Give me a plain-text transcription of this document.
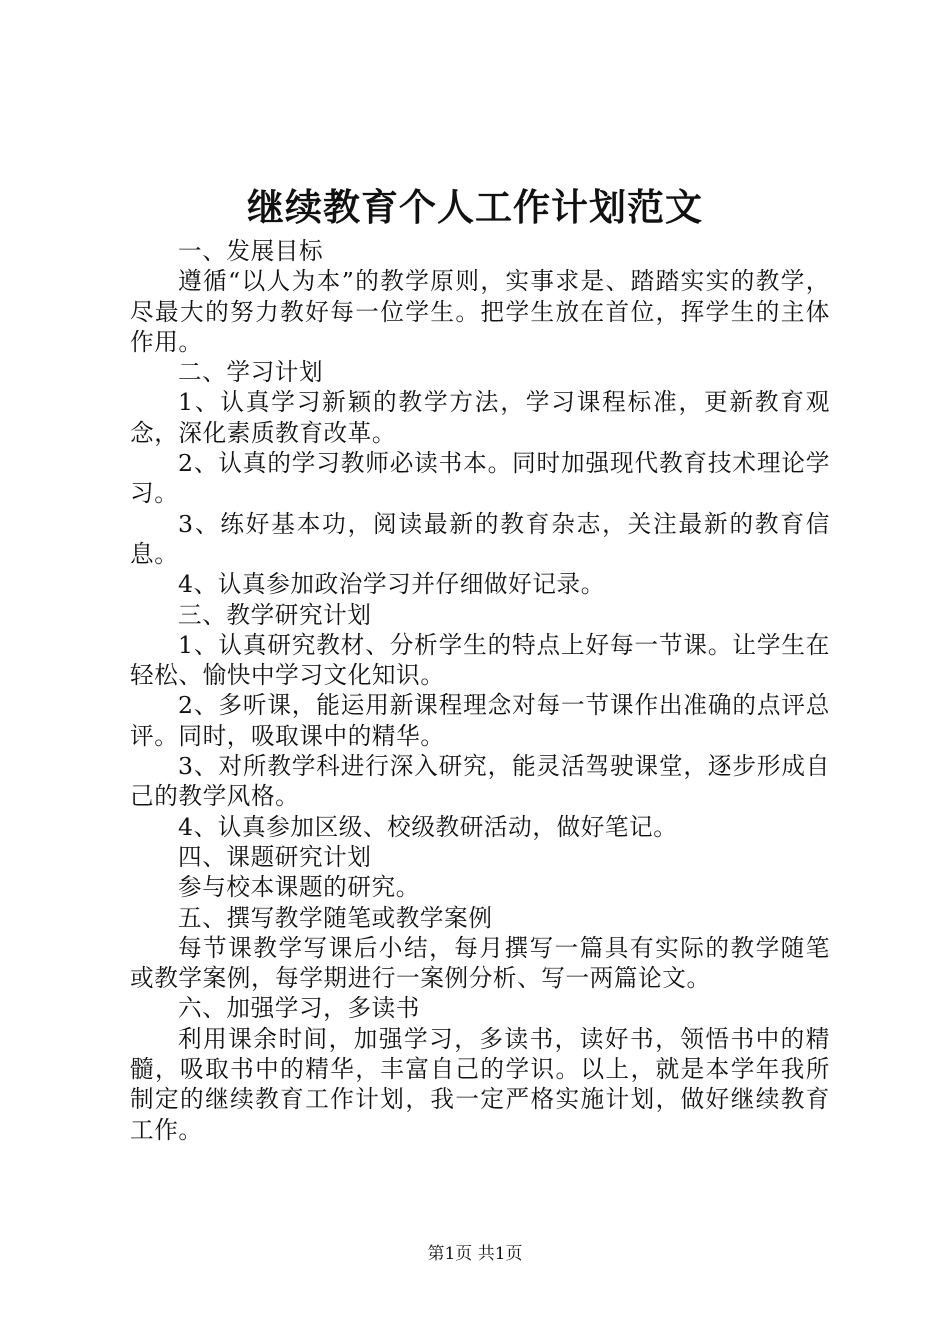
继续教育个人工作计划范文

一、发展目标

遵循“以人为本”的教学原则，实事求是、踏踏实实的教学，尽最大的努力教好每一位学生。把学生放在首位，挥学生的主体作用。

二、学习计划

1、认真学习新颖的教学方法，学习课程标准，更新教育观念，深化素质教育改革。

2、认真的学习教师必读书本。同时加强现代教育技术理论学习。

3、练好基本功，阅读最新的教育杂志，关注最新的教育信息。

4、认真参加政治学习并仔细做好记录。

三、教学研究计划

1、认真研究教材、分析学生的特点上好每一节课。让学生在轻松、愉快中学习文化知识。

2、多听课，能运用新课程理念对每一节课作出准确的点评总评。同时，吸取课中的精华。

3、对所教学科进行深入研究，能灵活驾驶课堂，逐步形成自己的教学风格。

4、认真参加区级、校级教研活动，做好笔记。

四、课题研究计划

参与校本课题的研究。

五、撰写教学随笔或教学案例

每节课教学写课后小结，每月撰写一篇具有实际的教学随笔或教学案例，每学期进行一案例分析、写一两篇论文。

六、加强学习，多读书

利用课余时间，加强学习，多读书，读好书，领悟书中的精髓，吸取书中的精华，丰富自己的学识。以上，就是本学年我所制定的继续教育工作计划，我一定严格实施计划，做好继续教育工作。

第1页 共1页
